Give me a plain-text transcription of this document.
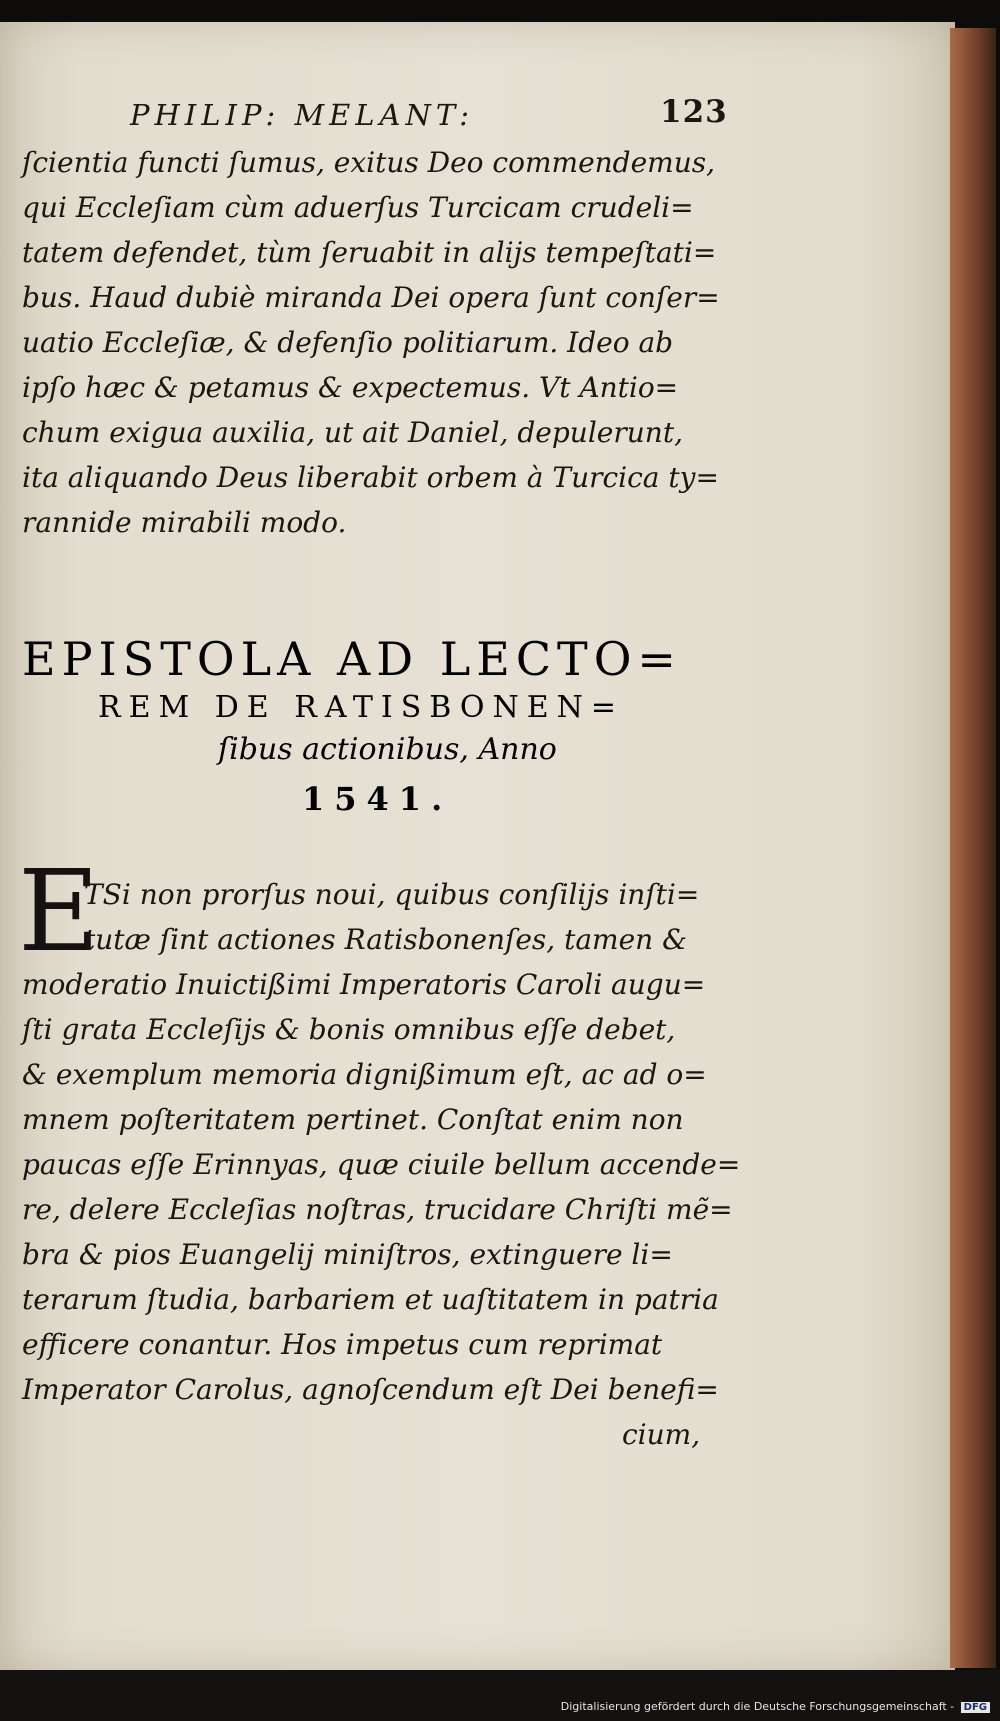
PHILIP: MELANT:	123
ſcientia functi ſumus, exitus Deo commendemus,
qui Eccleſiam cùm aduerſus Turcicam crudeli=
tatem defendet, tùm ſeruabit in alijs tempeſtati=
bus. Haud dubiè miranda Dei opera ſunt conſer=
uatio Eccleſiæ, & defenſio politiarum. Ideo ab
ipſo hæc & petamus & expectemus. Vt Antio=
chum exigua auxilia, ut ait Daniel, depulerunt,
ita aliquando Deus liberabit orbem à Turcica ty=
rannide mirabili modo.
EPISTOLA AD LECTO=
REM DE RATISBONEN=
ſibus actionibus, Anno
1541.
E
TSi non prorſus noui, quibus conſilijs inſti=
tutæ ſint actiones Ratisbonenſes, tamen &
moderatio Inuictißimi Imperatoris Caroli augu=
ſti grata Eccleſijs & bonis omnibus eſſe debet,
& exemplum memoria dignißimum eſt, ac ad o=
mnem poſteritatem pertinet. Conſtat enim non
paucas eſſe Erinnyas, quæ ciuile bellum accende=
re, delere Eccleſias noſtras, trucidare Chriſti mẽ=
bra & pios Euangelij miniſtros, extinguere li=
terarum ſtudia, barbariem et uaſtitatem in patria
efficere conantur. Hos impetus cum reprimat
Imperator Carolus, agnoſcendum eſt Dei benefi=
cium,
Digitalisierung gefördert durch die Deutsche Forschungsgemeinschaft - DFG
